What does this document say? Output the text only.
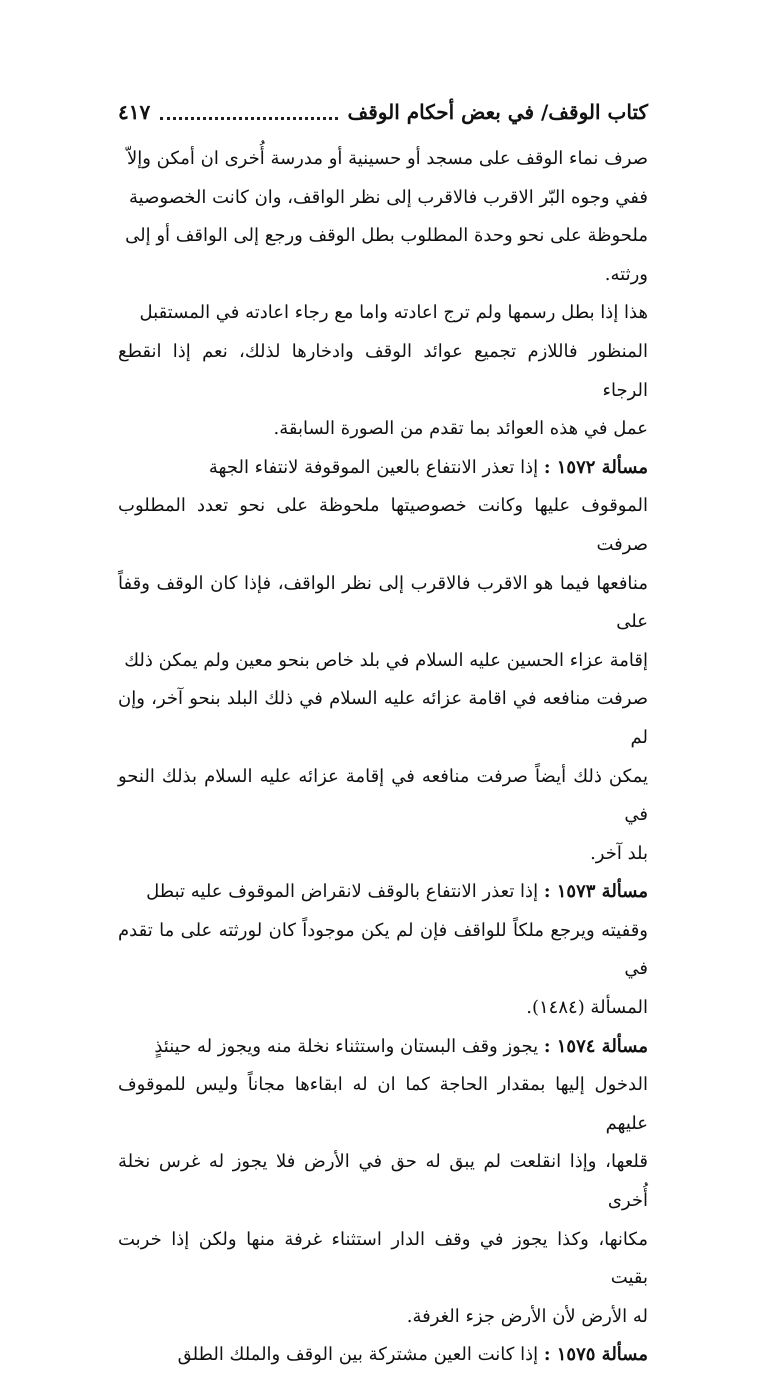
كتاب الوقف/ في بعض أحكام الوقف
٤١٧

صرف نماء الوقف على مسجد أو حسينية أو مدرسة أُخرى ان أمكن وإلاّ
ففي وجوه البّر الاقرب فالاقرب إلى نظر الواقف، وان كانت الخصوصية
ملحوظة على نحو وحدة المطلوب بطل الوقف ورجع إلى الواقف أو إلى
ورثته.

هذا إذا بطل رسمها ولم ترج اعادته واما مع رجاء اعادته في المستقبل
المنظور فاللازم تجميع عوائد الوقف وادخارها لذلك، نعم إذا انقطع الرجاء
عمل في هذه العوائد بما تقدم من الصورة السابقة.

مسألة ١٥٧٢ : إذا تعذر الانتفاع بالعين الموقوفة لانتفاء الجهة
الموقوف عليها وكانت خصوصيتها ملحوظة على نحو تعدد المطلوب صرفت
منافعها فيما هو الاقرب فالاقرب إلى نظر الواقف، فإذا كان الوقف وقفاً على
إقامة عزاء الحسين عليه السلام في بلد خاص بنحو معين ولم يمكن ذلك
صرفت منافعه في اقامة عزائه عليه السلام في ذلك البلد بنحو آخر، وإن لم
يمكن ذلك أيضاً صرفت منافعه في إقامة عزائه عليه السلام بذلك النحو في
بلد آخر.

مسألة ١٥٧٣ : إذا تعذر الانتفاع بالوقف لانقراض الموقوف عليه تبطل
وقفيته ويرجع ملكاً للواقف فإن لم يكن موجوداً كان لورثته على ما تقدم في
المسألة (١٤٨٤).

مسألة ١٥٧٤ : يجوز وقف البستان واستثناء نخلة منه ويجوز له حينئذٍ
الدخول إليها بمقدار الحاجة كما ان له ابقاءها مجاناً وليس للموقوف عليهم
قلعها، وإذا انقلعت لم يبق له حق في الأرض فلا يجوز له غرس نخلة أُخرى
مكانها، وكذا يجوز في وقف الدار استثناء غرفة منها ولكن إذا خربت بقيت
له الأرض لأن الأرض جزء الغرفة.

مسألة ١٥٧٥ : إذا كانت العين مشتركة بين الوقف والملك الطلق
